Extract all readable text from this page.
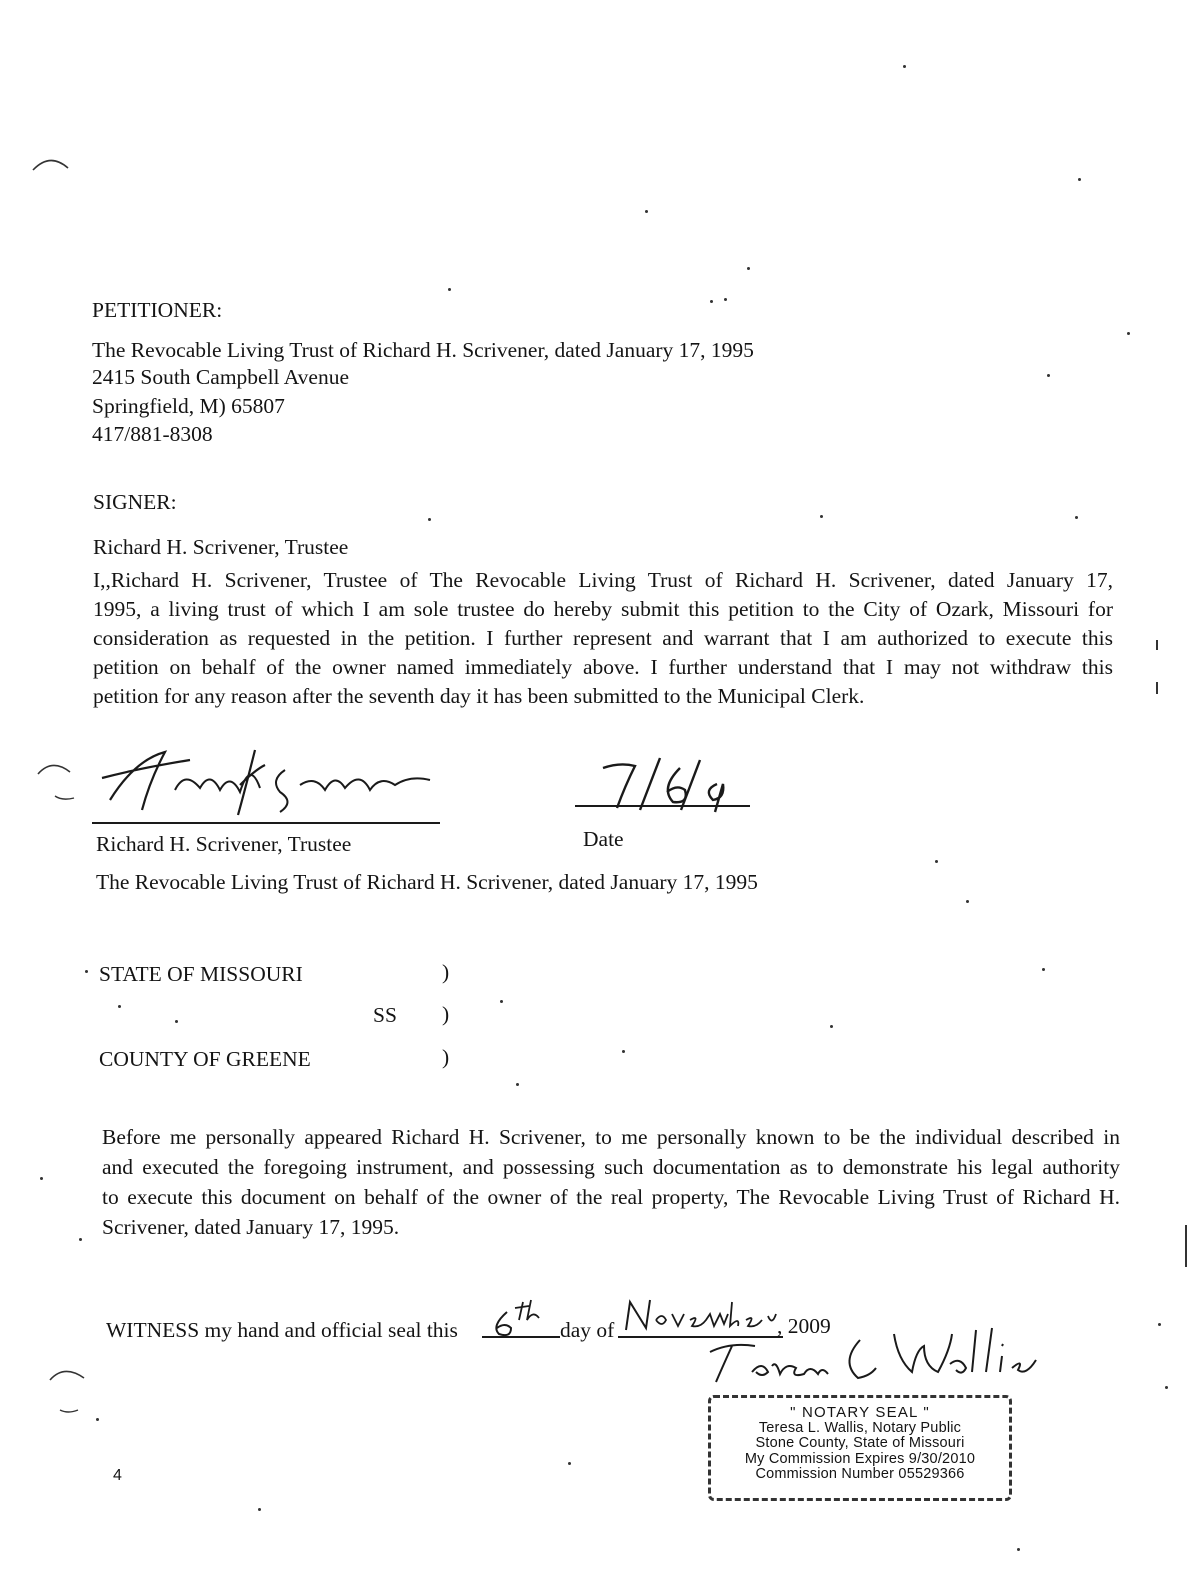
PETITIONER:
The Revocable Living Trust of Richard H. Scrivener, dated January 17, 1995
2415 South Campbell Avenue
Springfield, M) 65807
417/881-8308
SIGNER:
Richard H. Scrivener, Trustee
I,,Richard H. Scrivener, Trustee of The Revocable Living Trust of Richard H. Scrivener, dated January 17,
1995, a living trust of which I am sole trustee do hereby submit this petition to the City of Ozark, Missouri for
consideration as requested in the petition. I further represent and warrant that I am authorized to execute this
petition on behalf of the owner named immediately above. I further understand that I may not withdraw this
petition for any reason after the seventh day it has been submitted to the Municipal Clerk.
Richard H. Scrivener, Trustee	Date
The Revocable Living Trust of Richard H. Scrivener, dated January 17, 1995
STATE OF MISSOURI	)
SS )
COUNTY OF GREENE	)
Before me personally appeared Richard H. Scrivener, to me personally known to be the individual described in
and executed the foregoing instrument, and possessing such documentation as to demonstrate his legal authority
to execute this document on behalf of the owner of the real property, The Revocable Living Trust of Richard H.
Scrivener, dated January 17, 1995.
WITNESS my hand and official seal this	day of	, 2009
" NOTARY SEAL "
Teresa L. Wallis, Notary Public
Stone County, State of Missouri
My Commission Expires 9/30/2010
Commission Number 05529366
4
